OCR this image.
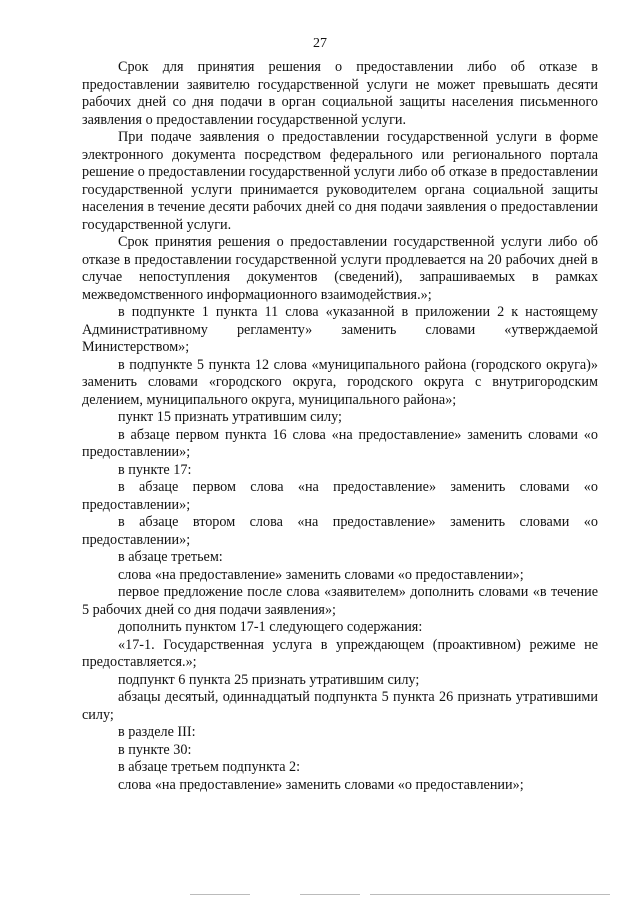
27

Срок для принятия решения о предоставлении либо об отказе в предоставлении заявителю государственной услуги не может превышать десяти рабочих дней со дня подачи в орган социальной защиты населения письменного заявления о предоставлении государственной услуги.

При подаче заявления о предоставлении государственной услуги в форме электронного документа посредством федерального или регионального портала решение о предоставлении государственной услуги либо об отказе в предоставлении государственной услуги принимается руководителем органа социальной защиты населения в течение десяти рабочих дней со дня подачи заявления о предоставлении государственной услуги.

Срок принятия решения о предоставлении государственной услуги либо об отказе в предоставлении государственной услуги продлевается на 20 рабочих дней в случае непоступления документов (сведений), запрашиваемых в рамках межведомственного информационного взаимодействия.»;

в подпункте 1 пункта 11 слова «указанной в приложении 2 к настоящему Административному регламенту» заменить словами «утверждаемой Министерством»;

в подпункте 5 пункта 12 слова «муниципального района (городского округа)» заменить словами «городского округа, городского округа с внутригородским делением, муниципального округа, муниципального района»;

пункт 15 признать утратившим силу;

в абзаце первом пункта 16 слова «на предоставление» заменить словами «о предоставлении»;

в пункте 17:

в абзаце первом слова «на предоставление» заменить словами «о предоставлении»;

в абзаце втором слова «на предоставление» заменить словами «о предоставлении»;

в абзаце третьем:

слова «на предоставление» заменить словами «о предоставлении»;

первое предложение после слова «заявителем» дополнить словами «в течение 5 рабочих дней со дня подачи заявления»;

дополнить пунктом 17-1 следующего содержания:

«17-1. Государственная услуга в упреждающем (проактивном) режиме не предоставляется.»;

подпункт 6 пункта 25 признать утратившим силу;

абзацы десятый, одиннадцатый подпункта 5 пункта 26 признать утратившими силу;

в разделе III:

в пункте 30:

в абзаце третьем подпункта 2:

слова «на предоставление» заменить словами «о предоставлении»;
